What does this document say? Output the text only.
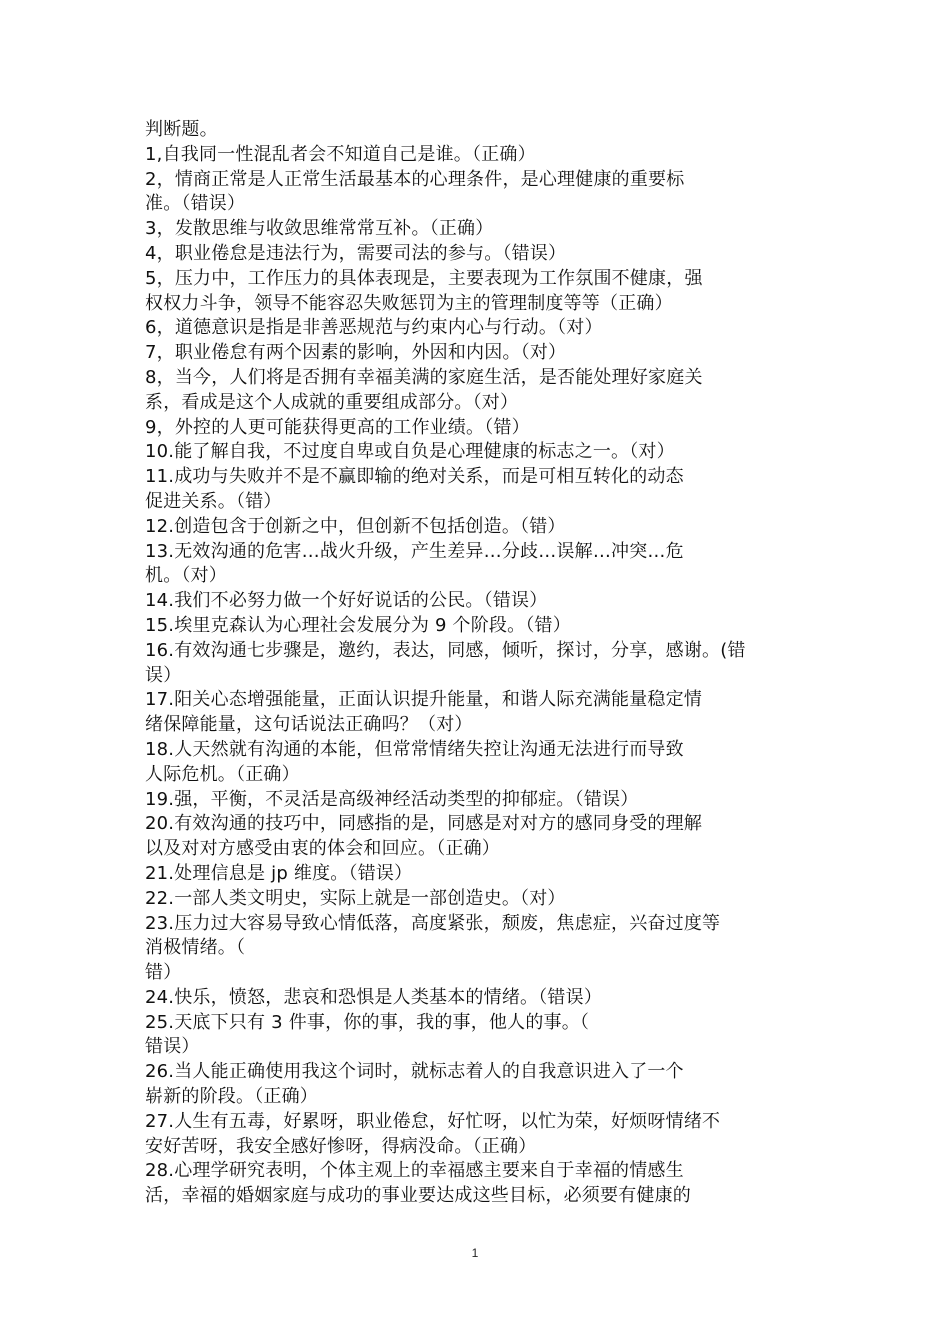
判断题。
1,自我同一性混乱者会不知道自己是谁。（正确）
2，情商正常是人正常生活最基本的心理条件，是心理健康的重要标
准。（错误）
3，发散思维与收敛思维常常互补。（正确）
4，职业倦怠是违法行为，需要司法的参与。（错误）
5，压力中，工作压力的具体表现是，主要表现为工作氛围不健康，强
权权力斗争，领导不能容忍失败惩罚为主的管理制度等等（正确）
6，道德意识是指是非善恶规范与约束内心与行动。（对）
7，职业倦怠有两个因素的影响，外因和内因。（对）
8，当今，人们将是否拥有幸福美满的家庭生活，是否能处理好家庭关
系，看成是这个人成就的重要组成部分。（对）
9，外控的人更可能获得更高的工作业绩。（错）
10.能了解自我，不过度自卑或自负是心理健康的标志之一。（对）
11.成功与失败并不是不赢即输的绝对关系，而是可相互转化的动态
促进关系。（错）
12.创造包含于创新之中，但创新不包括创造。（错）
13.无效沟通的危害…战火升级，产生差异…分歧…误解…冲突…危
机。（对）
14.我们不必努力做一个好好说话的公民。（错误）
15.埃里克森认为心理社会发展分为 9 个阶段。（错）
16.有效沟通七步骤是，邀约，表达，同感，倾听，探讨，分享，感谢。(错
误）
17.阳关心态增强能量，正面认识提升能量，和谐人际充满能量稳定情
绪保障能量，这句话说法正确吗？（对）
18.人天然就有沟通的本能，但常常情绪失控让沟通无法进行而导致
人际危机。（正确）
19.强，平衡，不灵活是高级神经活动类型的抑郁症。（错误）
20.有效沟通的技巧中，同感指的是，同感是对对方的感同身受的理解
以及对对方感受由衷的体会和回应。（正确）
21.处理信息是 jp 维度。（错误）
22.一部人类文明史，实际上就是一部创造史。（对）
23.压力过大容易导致心情低落，高度紧张，颓废，焦虑症，兴奋过度等
消极情绪。（
错）
24.快乐，愤怒，悲哀和恐惧是人类基本的情绪。（错误）
25.天底下只有 3 件事，你的事，我的事，他人的事。（
错误）
26.当人能正确使用我这个词时，就标志着人的自我意识进入了一个
崭新的阶段。（正确）
27.人生有五毒，好累呀，职业倦怠，好忙呀，以忙为荣，好烦呀情绪不
安好苦呀，我安全感好惨呀，得病没命。（正确）
28.心理学研究表明，个体主观上的幸福感主要来自于幸福的情感生
活，幸福的婚姻家庭与成功的事业要达成这些目标，必须要有健康的
1
